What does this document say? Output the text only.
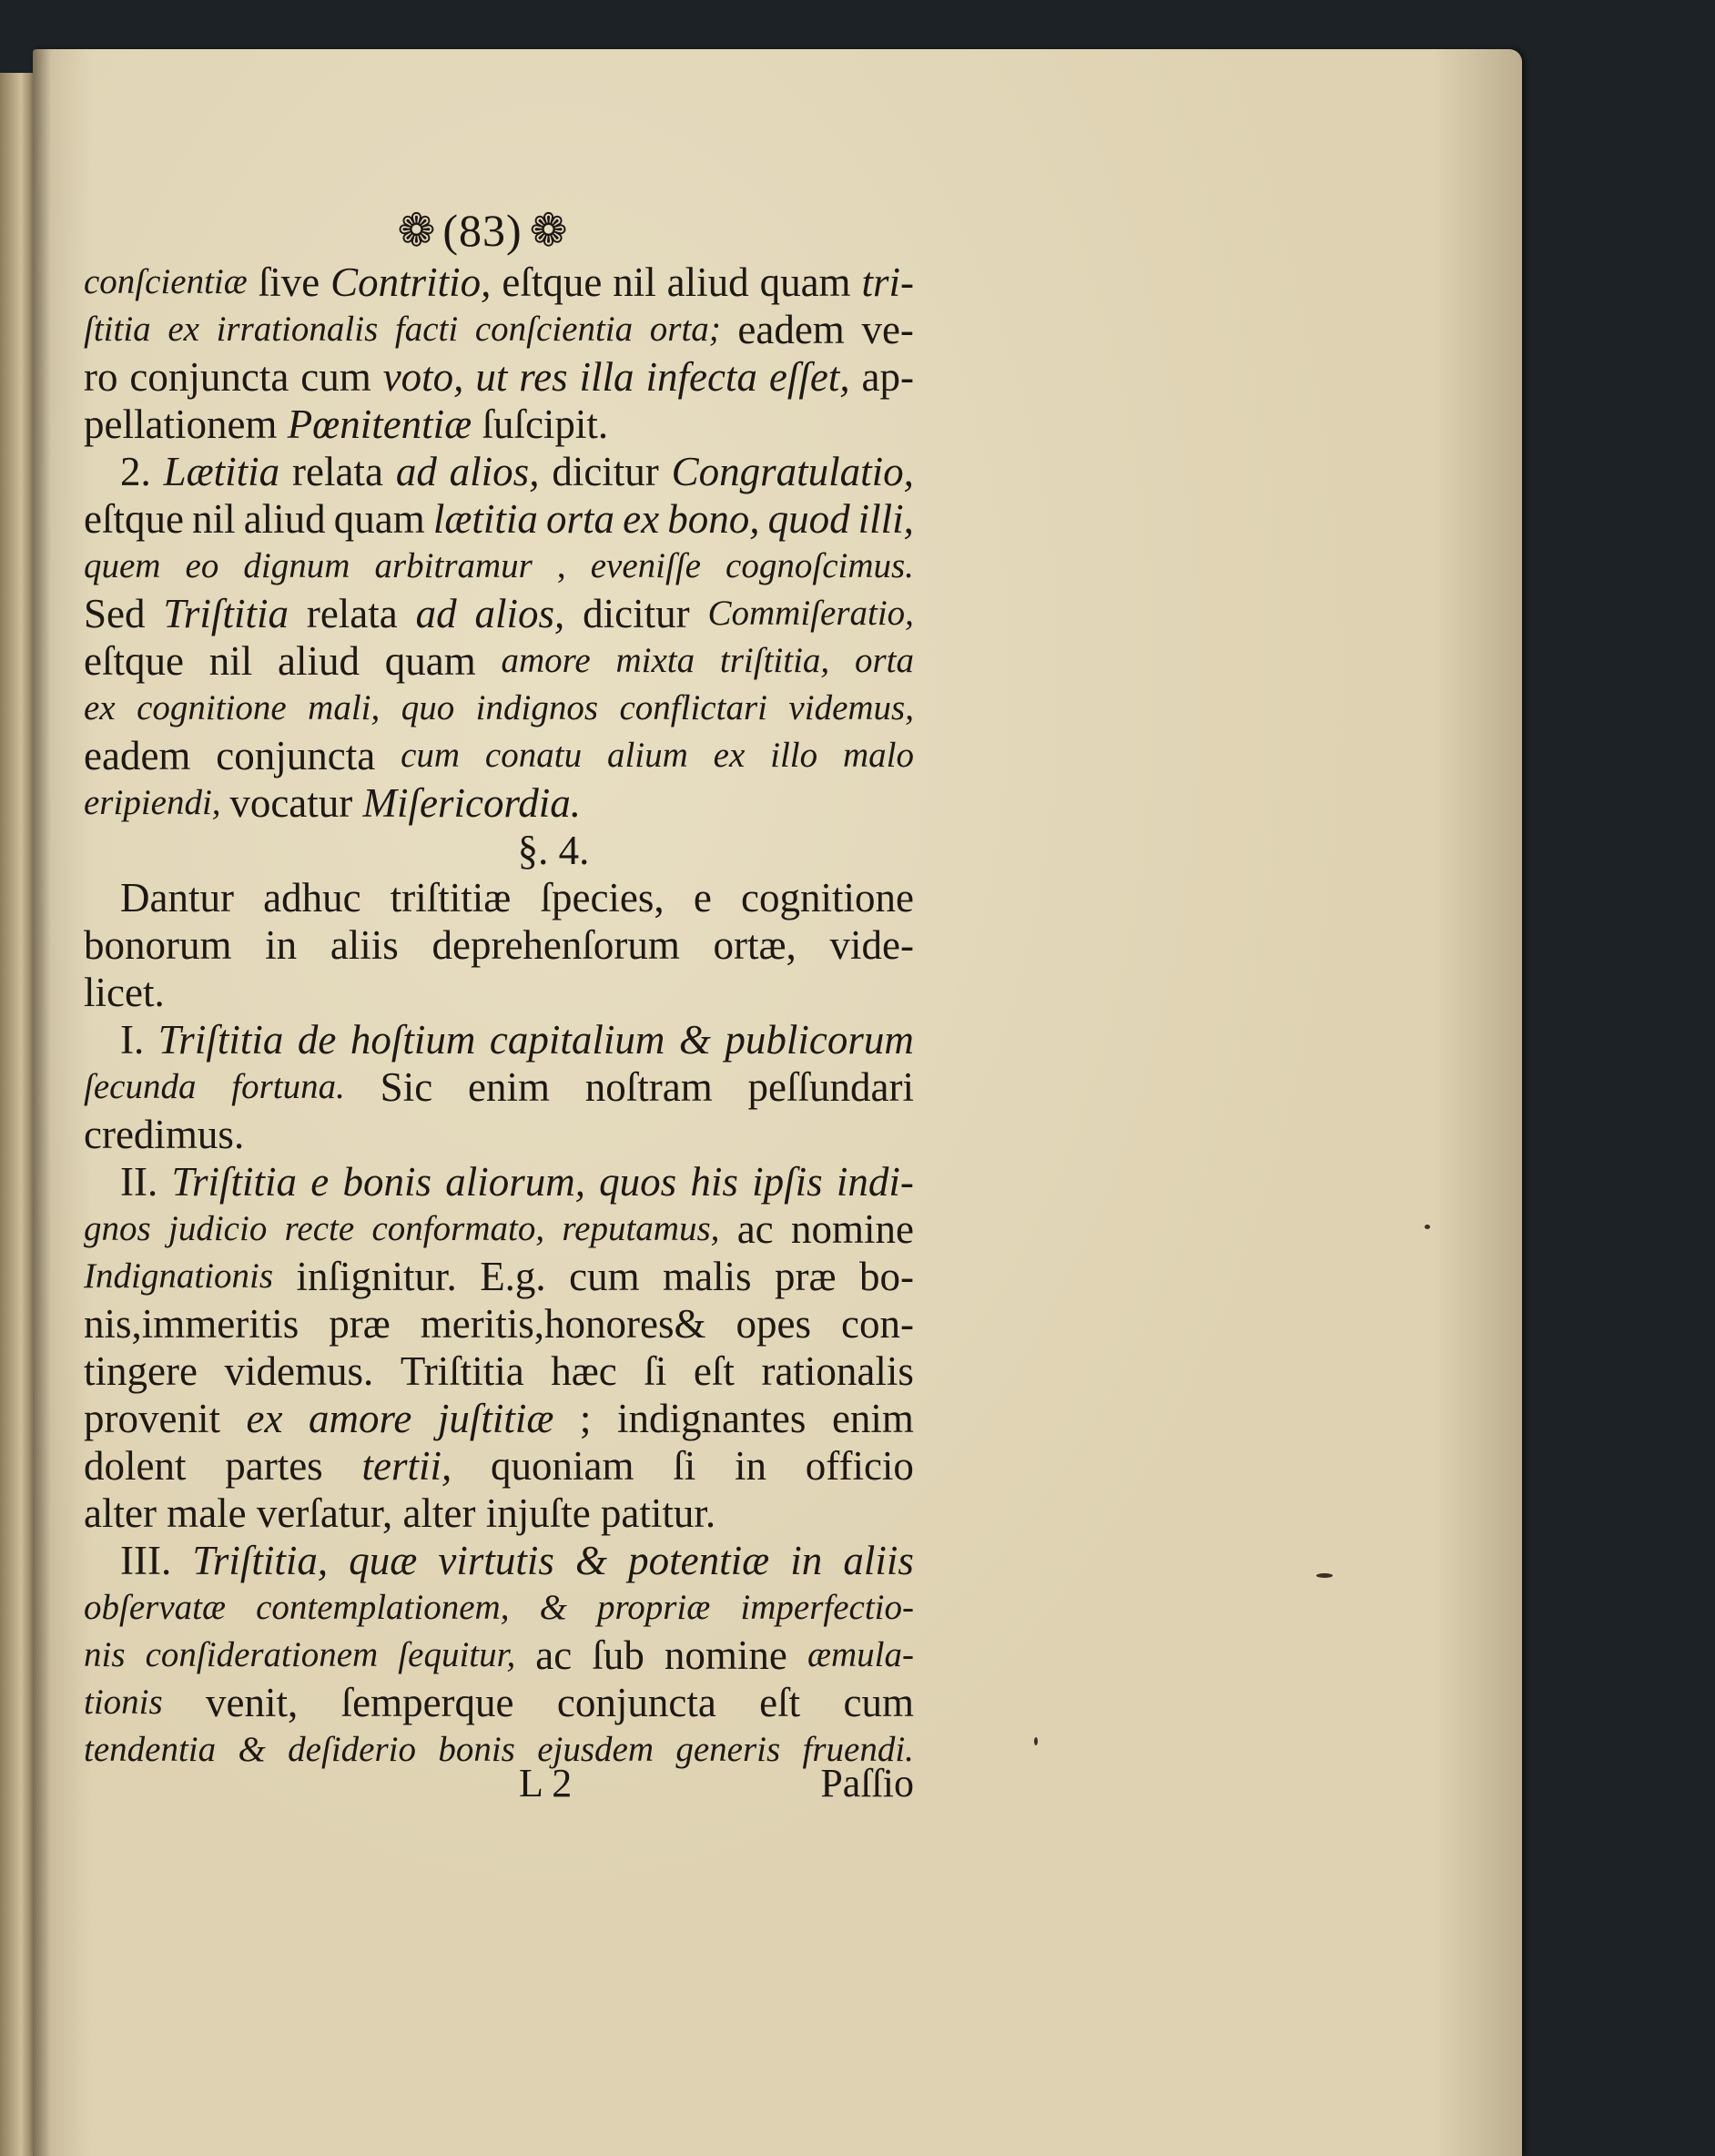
❁ (83) ❁
conſcientiæ ſive Contritio, eſtque nil aliud quam tri-
ſtitia ex irrationalis facti conſcientia orta; eadem ve-
ro conjuncta cum voto, ut res illa infecta eſſet, ap-
pellationem Pœnitentiæ ſuſcipit.
2. Lætitia relata ad alios, dicitur Congratulatio,
eſtque nil aliud quam lætitia orta ex bono, quod illi,
quem eo dignum arbitramur , eveniſſe cognoſcimus.
Sed Triſtitia relata ad alios, dicitur Commiſeratio,
eſtque nil aliud quam amore mixta triſtitia, orta
ex cognitione mali, quo indignos conflictari videmus,
eadem conjuncta cum conatu alium ex illo malo
eripiendi, vocatur Miſericordia.
§. 4.
Dantur adhuc triſtitiæ ſpecies, e cognitione
bonorum in aliis deprehenſorum ortæ, vide-
licet.
I. Triſtitia de hoſtium capitalium & publicorum
ſecunda fortuna. Sic enim noſtram peſſundari
credimus.
II. Triſtitia e bonis aliorum, quos his ipſis indi-
gnos judicio recte conformato, reputamus, ac nomine
Indignationis inſignitur. E.g. cum malis præ bo-
nis,immeritis præ meritis,honores& opes con-
tingere videmus. Triſtitia hæc ſi eſt rationalis
provenit ex amore juſtitiæ ; indignantes enim
dolent partes tertii, quoniam ſi in officio
alter male verſatur, alter injuſte patitur.
III. Triſtitia, quæ virtutis & potentiæ in aliis
obſervatæ contemplationem, & propriæ imperfectio-
nis conſiderationem ſequitur, ac ſub nomine æmula-
tionis venit, ſemperque conjuncta eſt cum
tendentia & deſiderio bonis ejusdem generis fruendi.
L 2	Paſſio
